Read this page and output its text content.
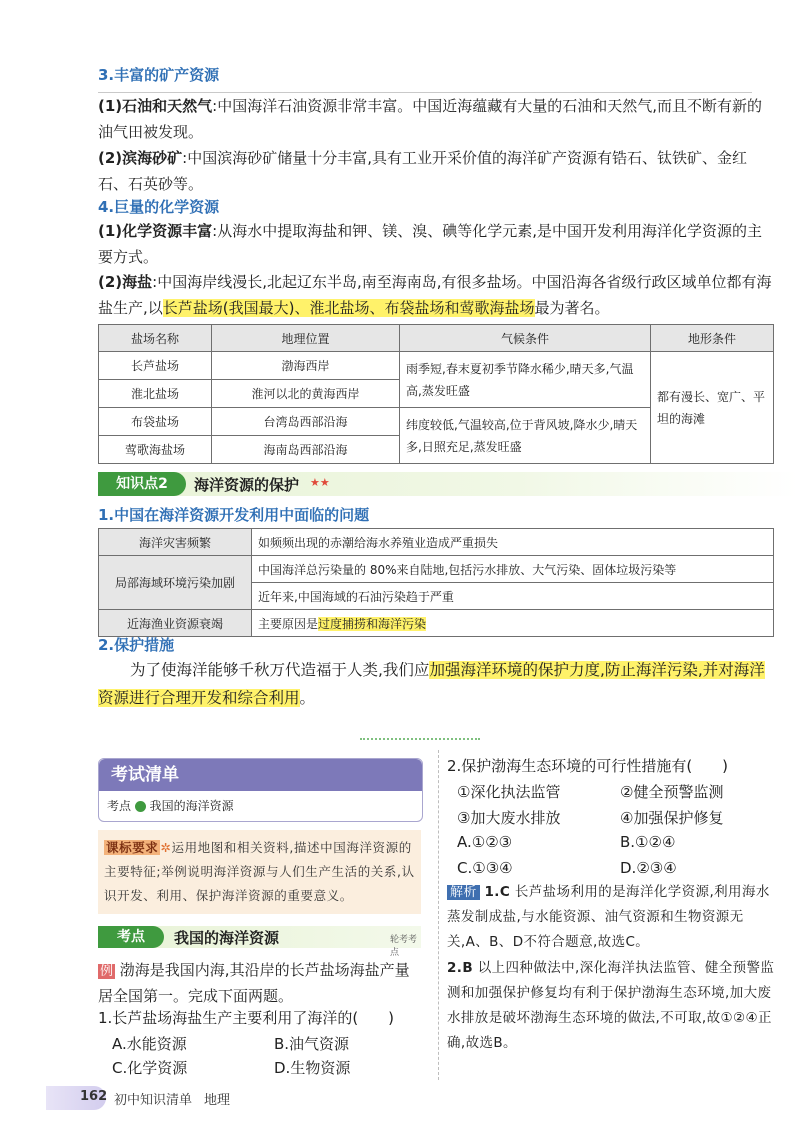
3.丰富的矿产资源
(1)石油和天然气:中国海洋石油资源非常丰富。中国近海蕴藏有大量的石油和天然气,而且不断有新的油气田被发现。
(2)滨海砂矿:中国滨海砂矿储量十分丰富,具有工业开采价值的海洋矿产资源有锆石、钛铁矿、金红石、石英砂等。
4.巨量的化学资源
(1)化学资源丰富:从海水中提取海盐和钾、镁、溴、碘等化学元素,是中国开发利用海洋化学资源的主要方式。
(2)海盐:中国海岸线漫长,北起辽东半岛,南至海南岛,有很多盐场。中国沿海各省级行政区域单位都有海盐生产,以长芦盐场(我国最大)、淮北盐场、布袋盐场和莺歌海盐场最为著名。
盐场名称	地理位置	气候条件	地形条件
长芦盐场	渤海西岸	雨季短,春末夏初季节降水稀少,晴天多,气温高,蒸发旺盛	都有漫长、宽广、平坦的海滩
淮北盐场	淮河以北的黄海西岸		
布袋盐场	台湾岛西部沿海	纬度较低,气温较高,位于背风坡,降水少,晴天多,日照充足,蒸发旺盛	
莺歌海盐场	海南岛西部沿海		
知识点2	海洋资源的保护 ★★
1.中国在海洋资源开发利用中面临的问题
海洋灾害频繁	如频频出现的赤潮给海水养殖业造成严重损失
局部海域环境污染加剧	中国海洋总污染量的 80%来自陆地,包括污水排放、大气污染、固体垃圾污染等
	近年来,中国海域的石油污染趋于严重
近海渔业资源衰竭	主要原因是过度捕捞和海洋污染
2.保护措施
为了使海洋能够千秋万代造福于人类,我们应加强海洋环境的保护力度,防止海洋污染,并对海洋资源进行合理开发和综合利用。
考试清单
考点 我国的海洋资源
课标要求 ✲运用地图和相关资料,描述中国海洋资源的主要特征;举例说明海洋资源与人们生产生活的关系,认识开发、利用、保护海洋资源的重要意义。
考点	我国的海洋资源	轮考考点
例 渤海是我国内海,其沿岸的长芦盐场海盐产量居全国第一。完成下面两题。
1.长芦盐场海盐生产主要利用了海洋的(　　)
A.水能资源	B.油气资源
C.化学资源	D.生物资源
2.保护渤海生态环境的可行性措施有(　　)
①深化执法监管	②健全预警监测
③加大废水排放	④加强保护修复
A.①②③	B.①②④
C.①③④	D.②③④
解析 1.C 长芦盐场利用的是海洋化学资源,利用海水蒸发制成盐,与水能资源、油气资源和生物资源无关,A、B、D不符合题意,故选C。
2.B 以上四种做法中,深化海洋执法监管、健全预警监测和加强保护修复均有利于保护渤海生态环境,加大废水排放是破坏渤海生态环境的做法,不可取,故①②④正确,故选B。
162 初中知识清单 地理
